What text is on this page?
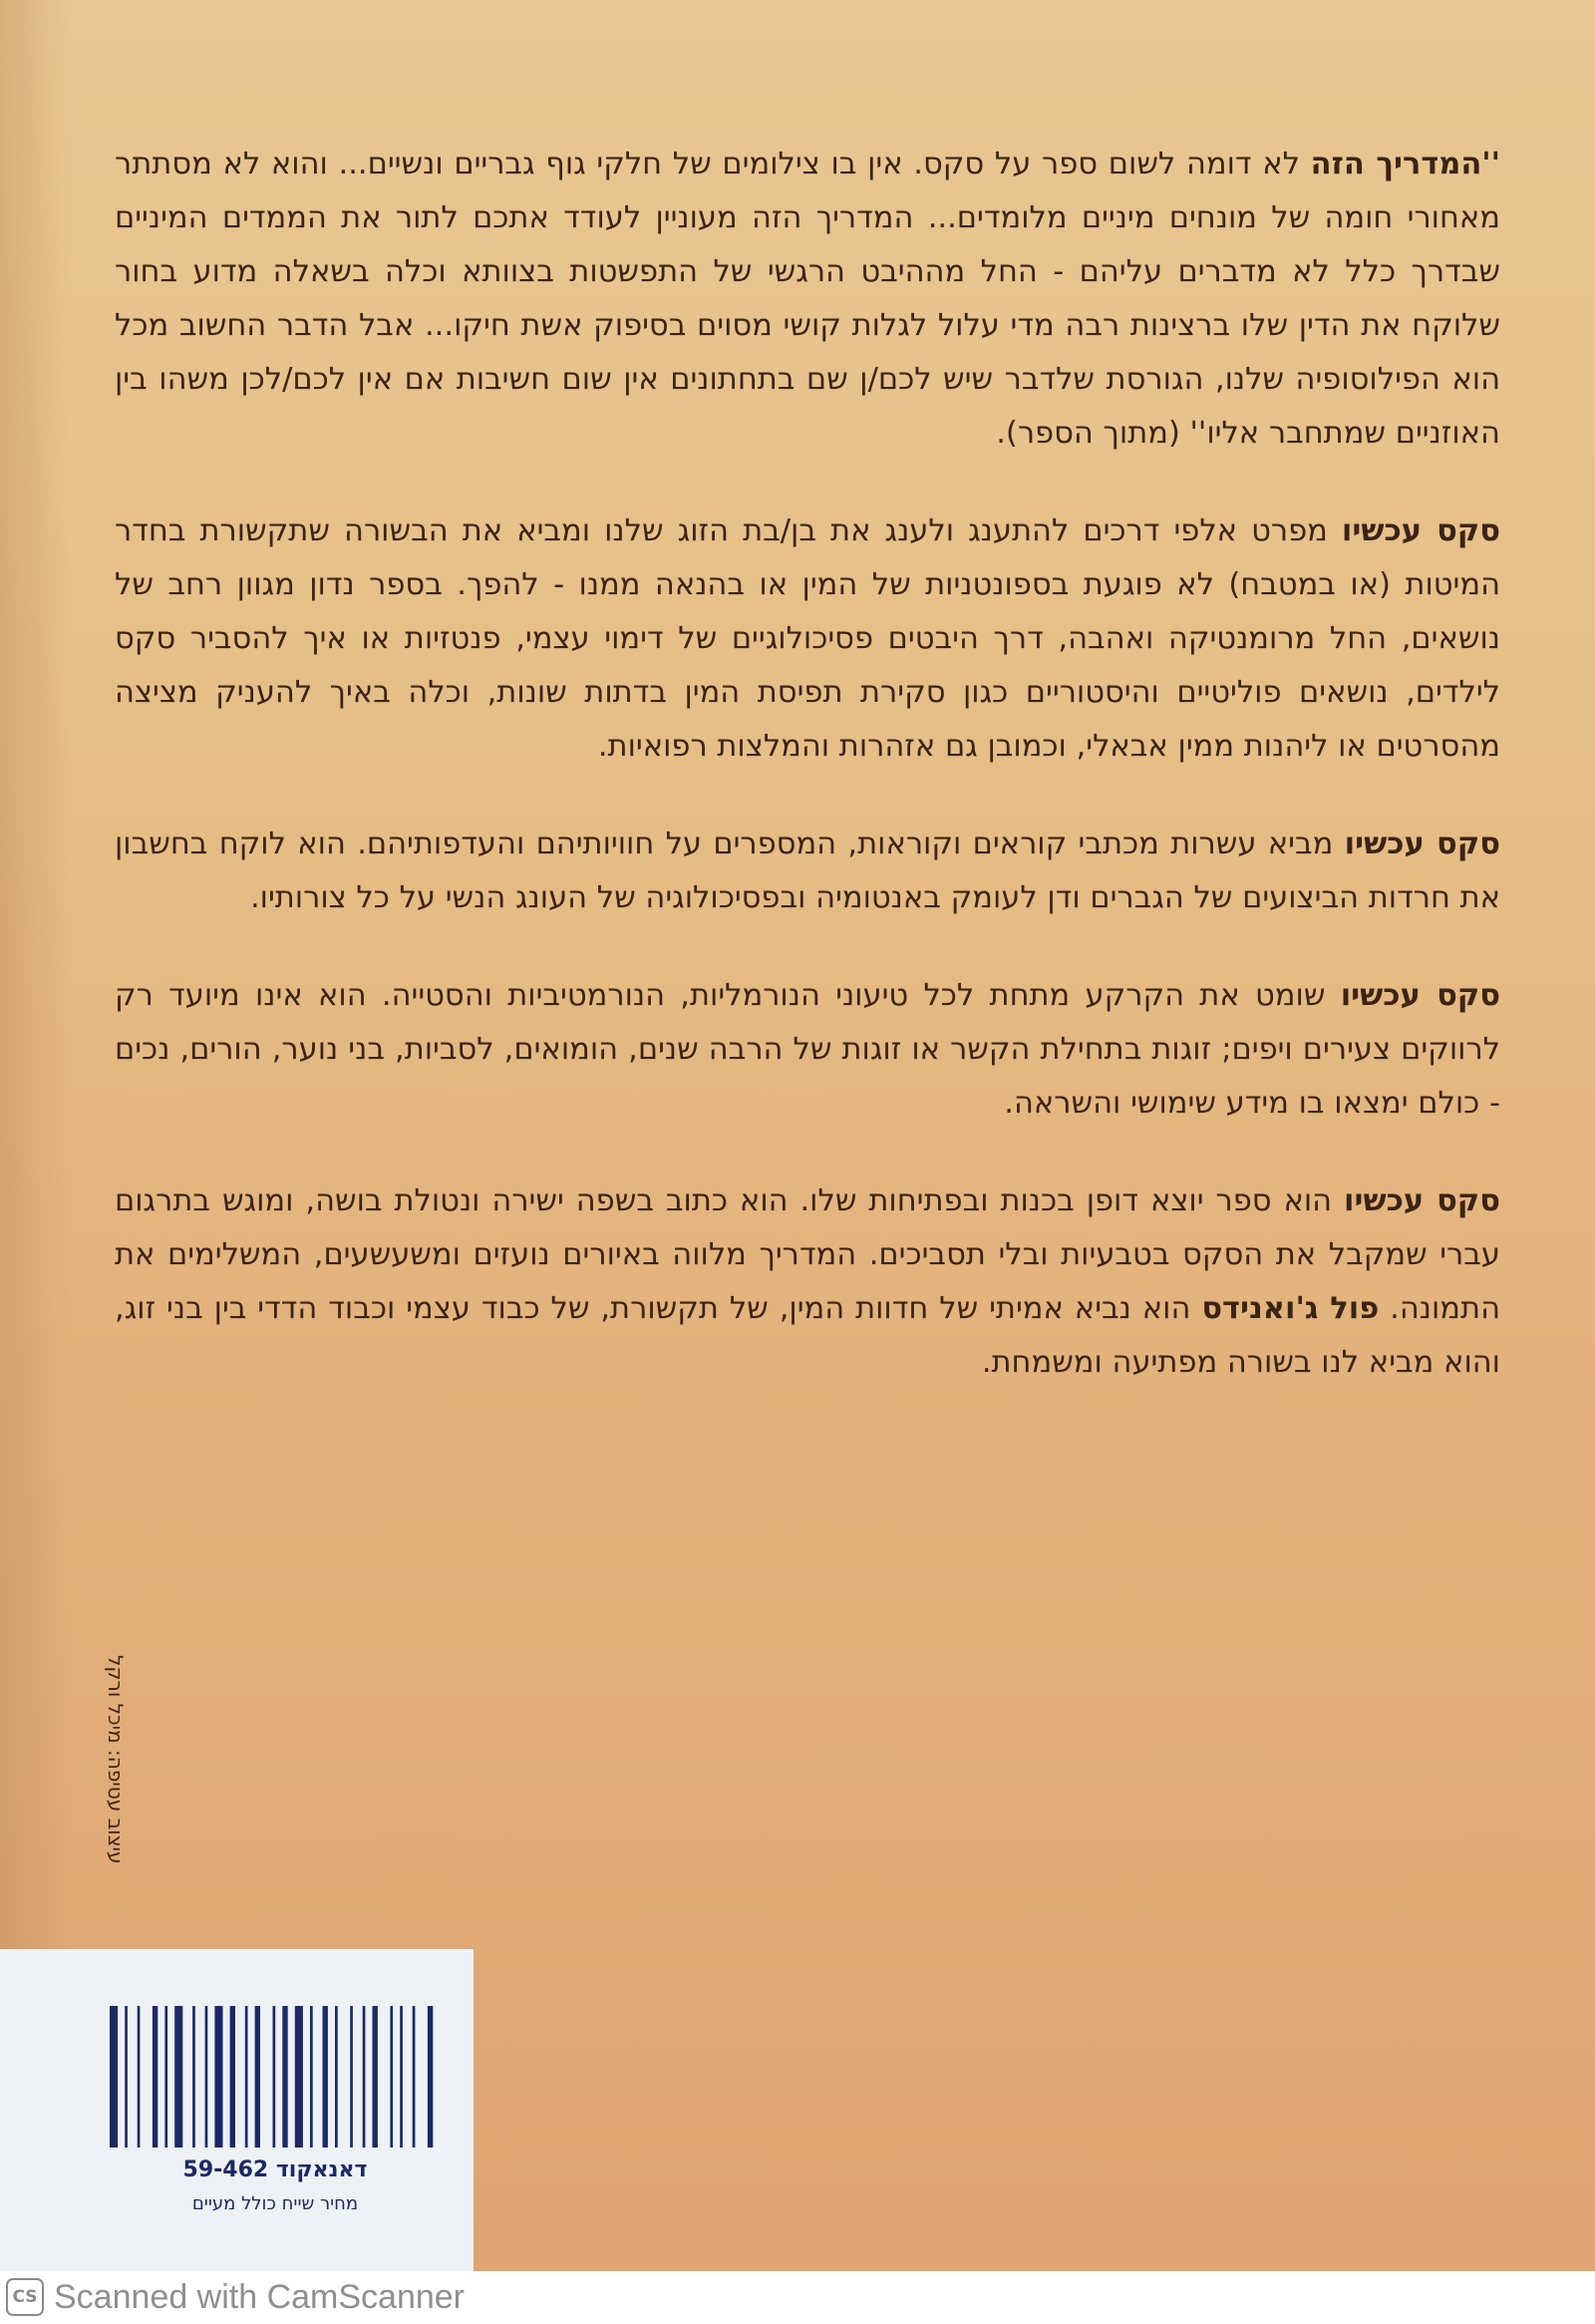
''המדריך הזה לא דומה לשום ספר על סקס. אין בו צילומים של חלקי גוף גבריים ונשיים... והוא לא מסתתר מאחורי חומה של מונחים מיניים מלומדים... המדריך הזה מעוניין לעודד אתכם לתור את הממדים המיניים שבדרך כלל לא מדברים עליהם - החל מההיבט הרגשי של התפשטות בצוותא וכלה בשאלה מדוע בחור שלוקח את הדין שלו ברצינות רבה מדי עלול לגלות קושי מסוים בסיפוק אשת חיקו... אבל הדבר החשוב מכל הוא הפילוסופיה שלנו, הגורסת שלדבר שיש לכם/ן שם בתחתונים אין שום חשיבות אם אין לכם/לכן משהו בין האוזניים שמתחבר אליו'' (מתוך הספר).

סקס עכשיו מפרט אלפי דרכים להתענג ולענג את בן/בת הזוג שלנו ומביא את הבשורה שתקשורת בחדר המיטות (או במטבח) לא פוגעת בספונטניות של המין או בהנאה ממנו - להפך. בספר נדון מגוון רחב של נושאים, החל מרומנטיקה ואהבה, דרך היבטים פסיכולוגיים של דימוי עצמי, פנטזיות או איך להסביר סקס לילדים, נושאים פוליטיים והיסטוריים כגון סקירת תפיסת המין בדתות שונות, וכלה באיך להעניק מציצה מהסרטים או ליהנות ממין אבאלי, וכמובן גם אזהרות והמלצות רפואיות.

סקס עכשיו מביא עשרות מכתבי קוראים וקוראות, המספרים על חוויותיהם והעדפותיהם. הוא לוקח בחשבון את חרדות הביצועים של הגברים ודן לעומק באנטומיה ובפסיכולוגיה של העונג הנשי על כל צורותיו.

סקס עכשיו שומט את הקרקע מתחת לכל טיעוני הנורמליות, הנורמטיביות והסטייה. הוא אינו מיועד רק לרווקים צעירים ויפים; זוגות בתחילת הקשר או זוגות של הרבה שנים, הומואים, לסביות, בני נוער, הורים, נכים - כולם ימצאו בו מידע שימושי והשראה.

סקס עכשיו הוא ספר יוצא דופן בכנות ובפתיחות שלו. הוא כתוב בשפה ישירה ונטולת בושה, ומוגש בתרגום עברי שמקבל את הסקס בטבעיות ובלי תסביכים. המדריך מלווה באיורים נועזים ומשעשעים, המשלימים את התמונה. פול ג'ואנידס הוא נביא אמיתי של חדוות המין, של תקשורת, של כבוד עצמי וכבוד הדדי בין בני זוג, והוא מביא לנו בשורה מפתיעה ומשמחת.

עיצוב עטיפה: מיכל ורקל
דאנאקוד 59-462
מחיר שייח כולל מעיים
CS Scanned with CamScanner
